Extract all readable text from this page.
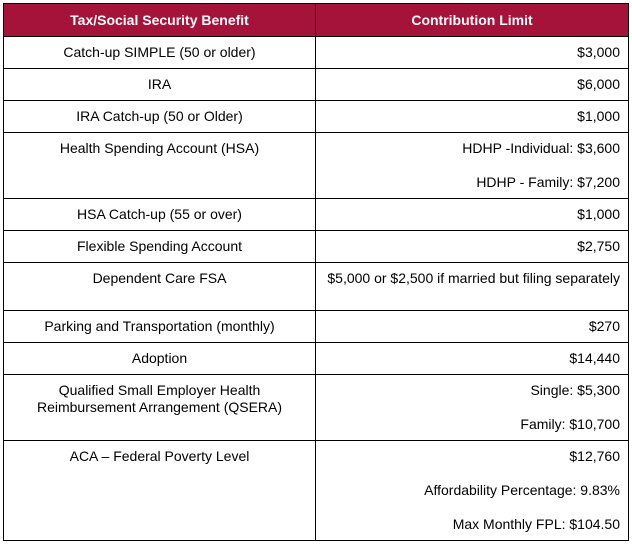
Tax/Social Security Benefit	Contribution Limit
Catch-up SIMPLE (50 or older)	$3,000

IRA	$6,000

IRA Catch-up (50 or Older)	$1,000

Health Spending Account (HSA)	HDHP -Individual: $3,600
HDHP - Family: $7,200

HSA Catch-up (55 or over)	$1,000

Flexible Spending Account	$2,750

Dependent Care FSA	$5,000 or $2,500 if married but filing separately

Parking and Transportation (monthly)	$270

Adoption	$14,440

Qualified Small Employer Health Reimbursement Arrangement (QSERA)	Single: $5,300
Family: $10,700

ACA – Federal Poverty Level	$12,760
Affordability Percentage: 9.83%
Max Monthly FPL: $104.50
